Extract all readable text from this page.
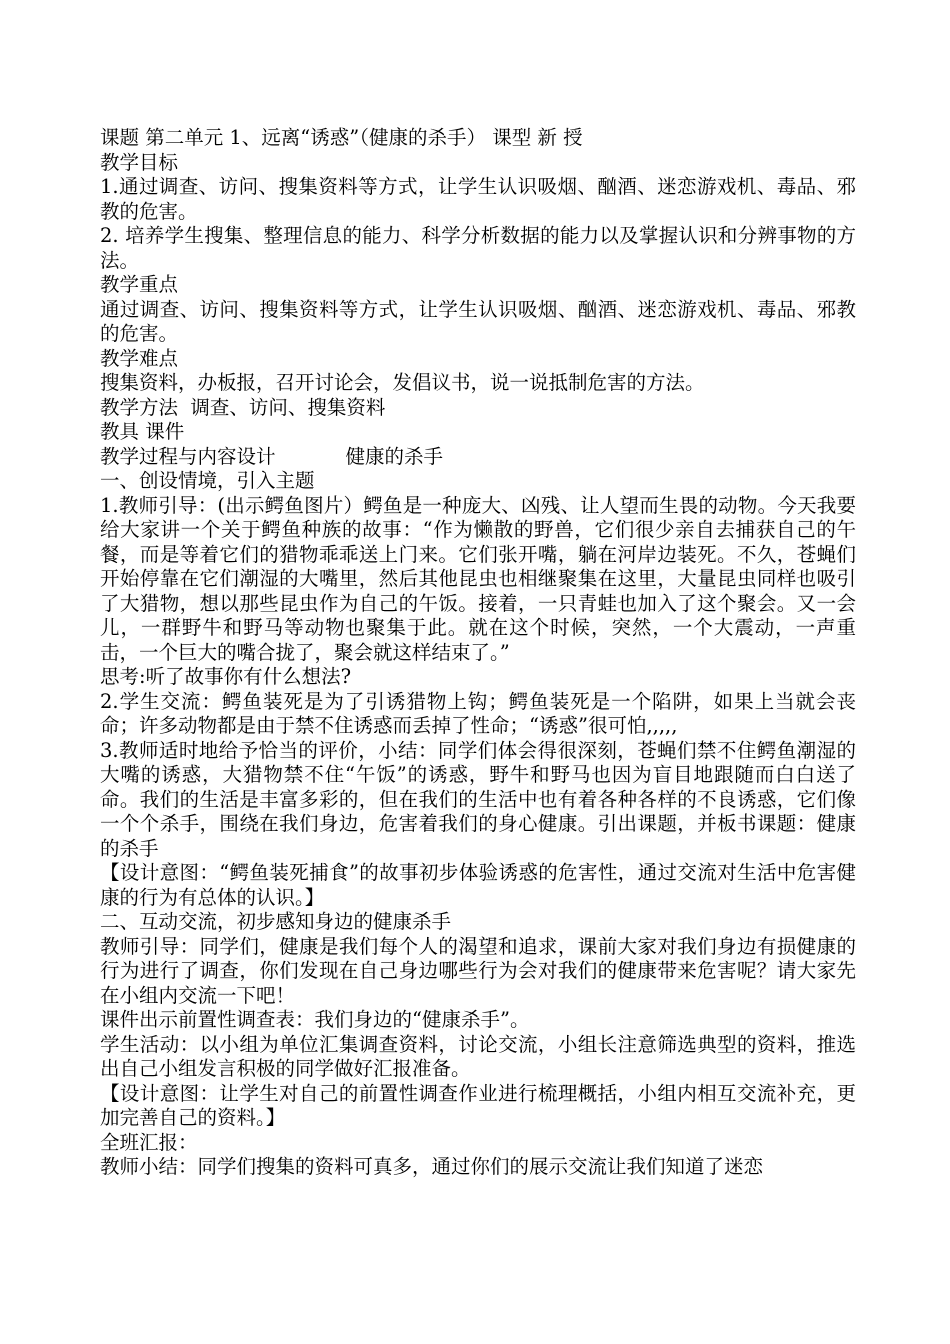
课题 第二单元 1、远离“诱惑”（健康的杀手） 课型 新 授

教学目标

1.通过调查、访问、搜集资料等方式，让学生认识吸烟、酗酒、迷恋游戏机、毒品、邪教的危害。

2. 培养学生搜集、整理信息的能力、科学分析数据的能力以及掌握认识和分辨事物的方法。

教学重点

通过调查、访问、搜集资料等方式，让学生认识吸烟、酗酒、迷恋游戏机、毒品、邪教的危害。

教学难点

搜集资料，办板报，召开讨论会，发倡议书，说一说抵制危害的方法。

教学方法  调查、访问、搜集资料

教具 课件

教学过程与内容设计	健康的杀手

一、创设情境，引入主题

1.教师引导：(出示鳄鱼图片）鳄鱼是一种庞大、凶残、让人望而生畏的动物。今天我要给大家讲一个关于鳄鱼种族的故事：“作为懒散的野兽，它们很少亲自去捕获自己的午餐，而是等着它们的猎物乖乖送上门来。它们张开嘴，躺在河岸边装死。不久，苍蝇们开始停靠在它们潮湿的大嘴里，然后其他昆虫也相继聚集在这里，大量昆虫同样也吸引了大猎物，想以那些昆虫作为自己的午饭。接着，一只青蛙也加入了这个聚会。又一会儿，一群野牛和野马等动物也聚集于此。就在这个时候，突然，一个大震动，一声重击，一个巨大的嘴合拢了，聚会就这样结束了。”

思考:听了故事你有什么想法?

2.学生交流：鳄鱼装死是为了引诱猎物上钩；鳄鱼装死是一个陷阱，如果上当就会丧命；许多动物都是由于禁不住诱惑而丢掉了性命；“诱惑”很可怕,,,,,

3.教师适时地给予恰当的评价，小结：同学们体会得很深刻，苍蝇们禁不住鳄鱼潮湿的大嘴的诱惑，大猎物禁不住“午饭”的诱惑，野牛和野马也因为盲目地跟随而白白送了命。我们的生活是丰富多彩的，但在我们的生活中也有着各种各样的不良诱惑，它们像一个个杀手，围绕在我们身边，危害着我们的身心健康。引出课题，并板书课题：健康的杀手

【设计意图：“鳄鱼装死捕食”的故事初步体验诱惑的危害性，通过交流对生活中危害健康的行为有总体的认识。】

二、互动交流，初步感知身边的健康杀手

教师引导：同学们，健康是我们每个人的渴望和追求，课前大家对我们身边有损健康的行为进行了调查，你们发现在自己身边哪些行为会对我们的健康带来危害呢？请大家先在小组内交流一下吧！

课件出示前置性调查表：我们身边的“健康杀手”。

学生活动：以小组为单位汇集调查资料，讨论交流，小组长注意筛选典型的资料，推选出自己小组发言积极的同学做好汇报准备。

【设计意图：让学生对自己的前置性调查作业进行梳理概括，小组内相互交流补充，更加完善自己的资料。】

全班汇报：

教师小结：同学们搜集的资料可真多，通过你们的展示交流让我们知道了迷恋
